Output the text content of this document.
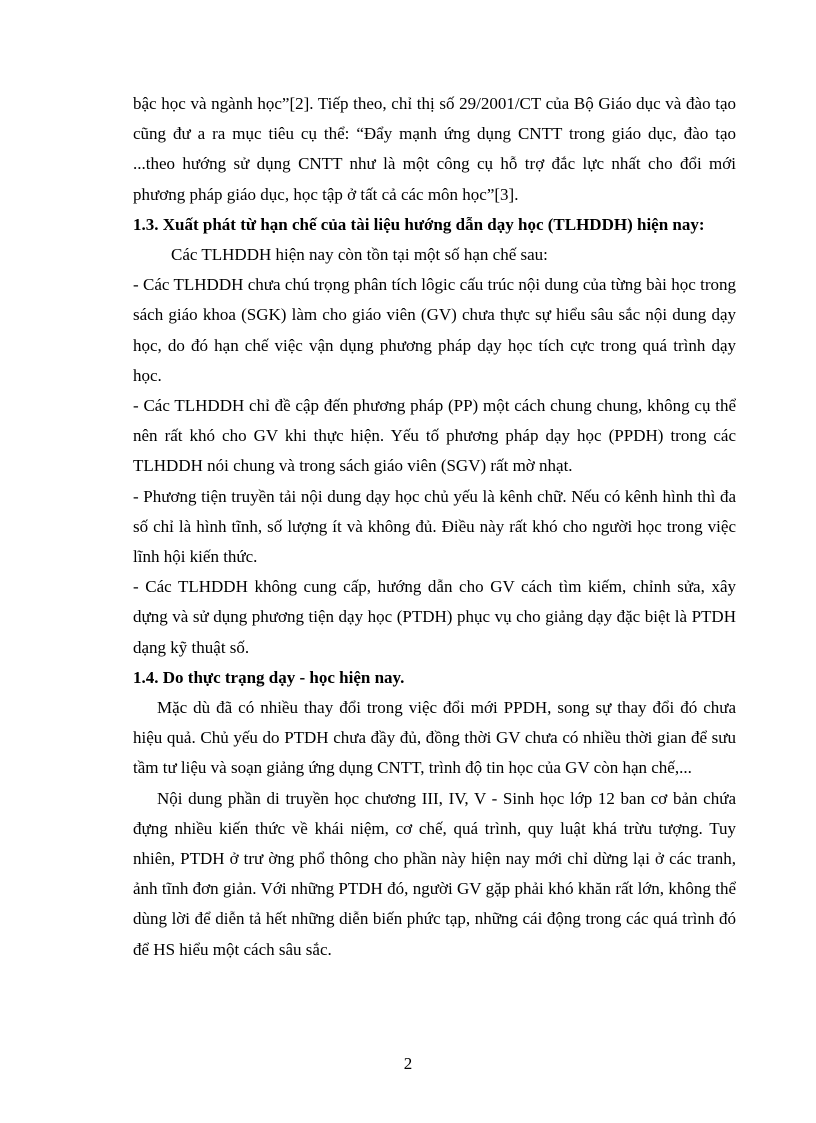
bậc học và ngành học”[2]. Tiếp theo, chỉ thị số 29/2001/CT của Bộ Giáo dục và đào tạo cũng đư a ra mục tiêu cụ thể: “Đẩy mạnh ứng dụng CNTT trong giáo dục, đào tạo ...theo hướng sử dụng CNTT như là một công cụ hỗ trợ đắc lực nhất cho đổi mới phương pháp giáo dục, học tập ở tất cả các môn học”[3].

1.3. Xuất phát từ hạn chế của tài liệu hướng dẫn dạy học (TLHDDH) hiện nay:

Các TLHDDH hiện nay còn tồn tại một số hạn chế sau:

- Các TLHDDH chưa chú trọng phân tích lôgic cấu trúc nội dung của từng bài học trong sách giáo khoa (SGK) làm cho giáo viên (GV) chưa thực sự hiểu sâu sắc nội dung dạy học, do đó hạn chế việc vận dụng phương pháp dạy học tích cực trong quá trình dạy học.

- Các TLHDDH chỉ đề cập đến phương pháp (PP) một cách chung chung, không cụ thể nên rất khó cho GV khi thực hiện. Yếu tố phương pháp dạy học (PPDH) trong các TLHDDH nói chung và trong sách giáo viên (SGV) rất mờ nhạt.

- Phương tiện truyền tải nội dung dạy học chủ yếu là kênh chữ. Nếu có kênh hình thì đa số chỉ là hình tĩnh, số lượng ít và không đủ. Điều này rất khó cho người học trong việc lĩnh hội kiến thức.

- Các TLHDDH không cung cấp, hướng dẫn cho GV cách tìm kiếm, chỉnh sửa, xây dựng và sử dụng phương tiện dạy học (PTDH) phục vụ cho giảng dạy đặc biệt là PTDH dạng kỹ thuật số.

1.4. Do thực trạng dạy - học hiện nay.

Mặc dù đã có nhiều thay đổi trong việc đổi mới PPDH, song sự thay đổi đó chưa hiệu quả. Chủ yếu do PTDH chưa đầy đủ, đồng thời GV chưa có nhiều thời gian để sưu tầm tư liệu và soạn giảng ứng dụng CNTT, trình độ tin học của GV còn hạn chế,...

Nội dung phần di truyền học chương III, IV, V - Sinh học lớp 12 ban cơ bản chứa đựng nhiều kiến thức về khái niệm, cơ chế, quá trình, quy luật khá trừu tượng. Tuy nhiên, PTDH ở trư ờng phổ thông cho phần này hiện nay mới chỉ dừng lại ở các tranh, ảnh tĩnh đơn giản. Với những PTDH đó, người GV gặp phải khó khăn rất lớn, không thể dùng lời để diễn tả hết những diễn biến phức tạp, những cái động trong các quá trình đó để HS hiểu một cách sâu sắc.

2
